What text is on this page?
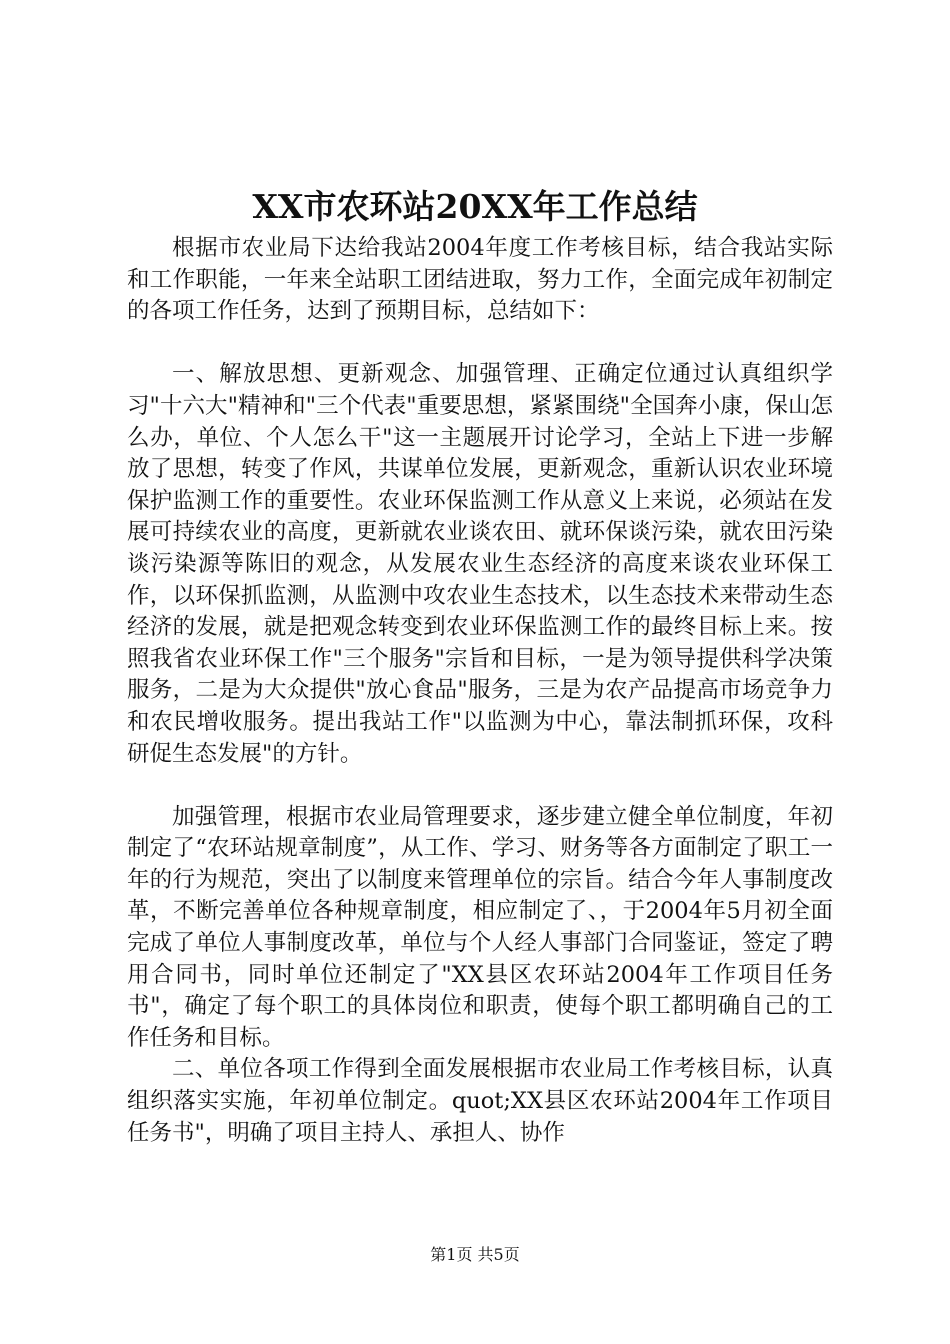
XX市农环站20XX年工作总结

根据市农业局下达给我站2004年度工作考核目标，结合我站实际和工作职能，一年来全站职工团结进取，努力工作，全面完成年初制定的各项工作任务，达到了预期目标，总结如下：

一、解放思想、更新观念、加强管理、正确定位通过认真组织学习"十六大"精神和"三个代表"重要思想，紧紧围绕"全国奔小康，保山怎么办，单位、个人怎么干"这一主题展开讨论学习，全站上下进一步解放了思想，转变了作风，共谋单位发展，更新观念，重新认识农业环境保护监测工作的重要性。农业环保监测工作从意义上来说，必须站在发展可持续农业的高度，更新就农业谈农田、就环保谈污染，就农田污染谈污染源等陈旧的观念，从发展农业生态经济的高度来谈农业环保工作，以环保抓监测，从监测中攻农业生态技术，以生态技术来带动生态经济的发展，就是把观念转变到农业环保监测工作的最终目标上来。按照我省农业环保工作"三个服务"宗旨和目标，一是为领导提供科学决策服务，二是为大众提供"放心食品"服务，三是为农产品提高市场竞争力和农民增收服务。提出我站工作"以监测为中心，靠法制抓环保，攻科研促生态发展"的方针。

加强管理，根据市农业局管理要求，逐步建立健全单位制度，年初制定了“农环站规章制度”，从工作、学习、财务等各方面制定了职工一年的行为规范，突出了以制度来管理单位的宗旨。结合今年人事制度改革，不断完善单位各种规章制度，相应制定了、，于2004年5月初全面完成了单位人事制度改革，单位与个人经人事部门合同鉴证，签定了聘用合同书，同时单位还制定了"XX县区农环站2004年工作项目任务书"，确定了每个职工的具体岗位和职责，使每个职工都明确自己的工作任务和目标。

二、单位各项工作得到全面发展根据市农业局工作考核目标，认真组织落实实施，年初单位制定。quot;XX县区农环站2004年工作项目任务书"，明确了项目主持人、承担人、协作

第1页 共5页
